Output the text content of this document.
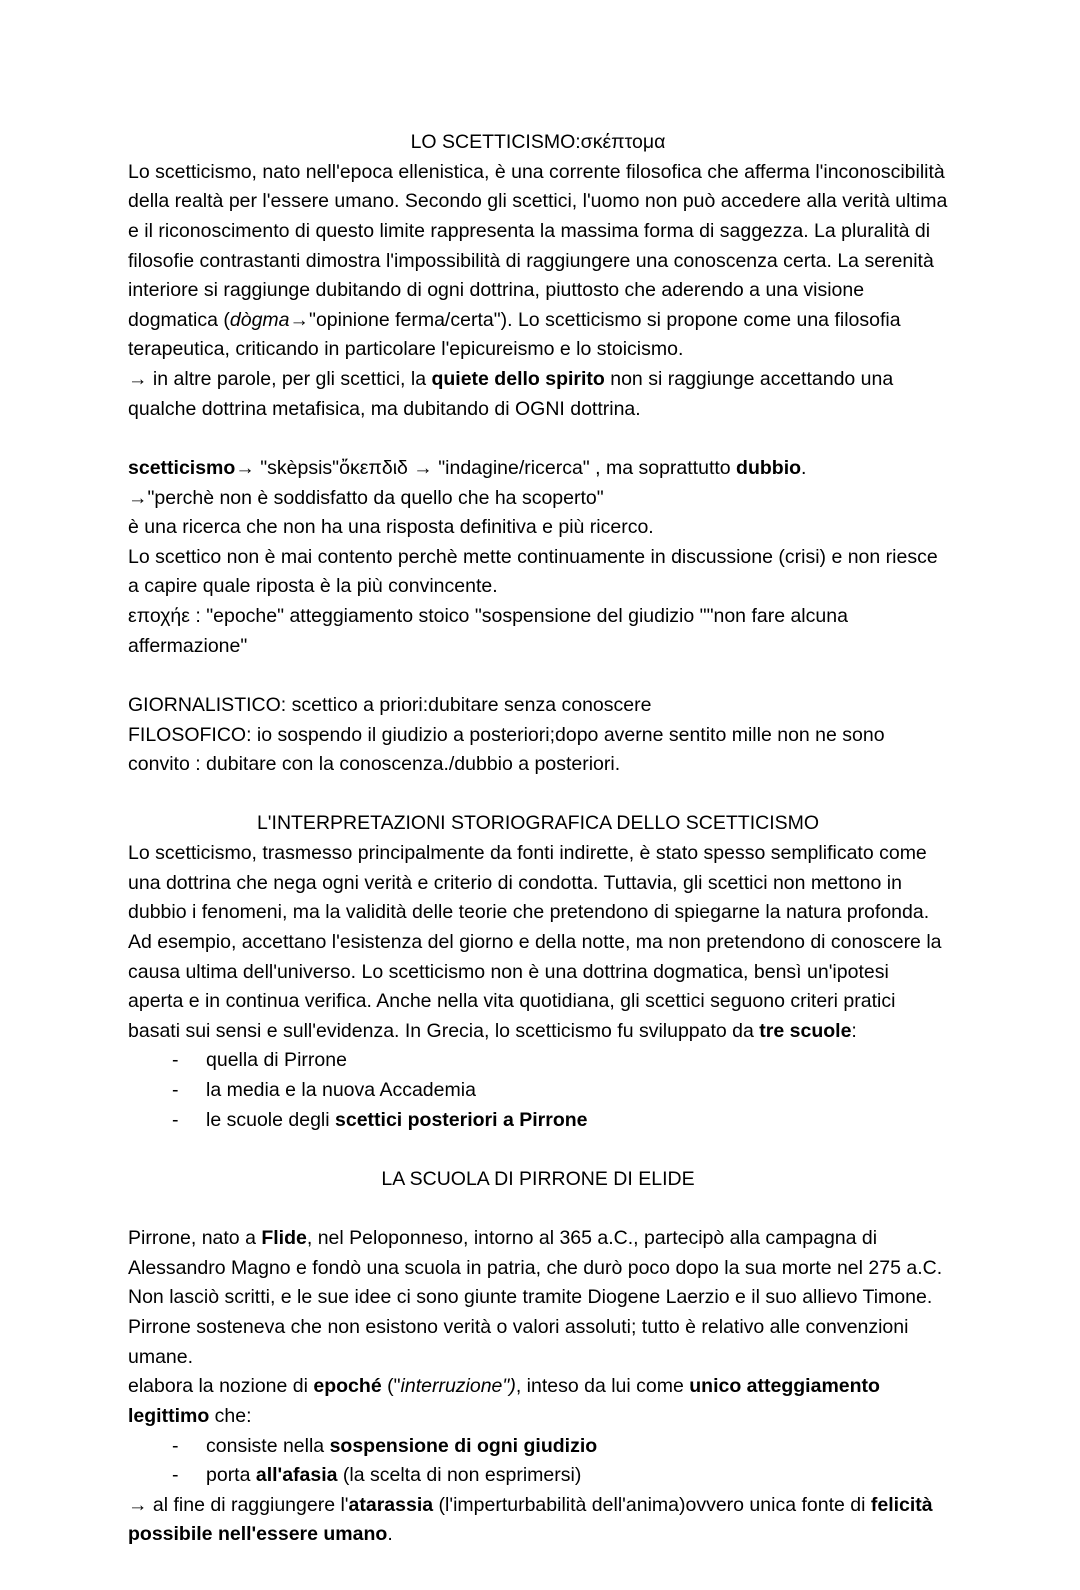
LO SCETTICISMO:σκέπτομα

Lo scetticismo, nato nell'epoca ellenistica, è una corrente filosofica che afferma l'inconoscibilità della realtà per l'essere umano. Secondo gli scettici, l'uomo non può accedere alla verità ultima e il riconoscimento di questo limite rappresenta la massima forma di saggezza. La pluralità di filosofie contrastanti dimostra l'impossibilità di raggiungere una conoscenza certa. La serenità interiore si raggiunge dubitando di ogni dottrina, piuttosto che aderendo a una visione dogmatica (dògma→"opinione ferma/certa"). Lo scetticismo si propone come una filosofia terapeutica, criticando in particolare l'epicureismo e lo stoicismo.

→ in altre parole, per gli scettici, la quiete dello spirito non si raggiunge accettando una qualche dottrina metafisica, ma dubitando di OGNI dottrina.

scetticismo→ "skèpsis"ὄκεπδιδ → "indagine/ricerca" , ma soprattutto dubbio.

→"perchè non è soddisfatto da quello che ha scoperto"

è una ricerca che non ha una risposta definitiva e più ricerco.

Lo scettico non è mai contento perchè mette continuamente in discussione (crisi) e non riesce a capire quale riposta è la più convincente.

εποχήε : "epoche" atteggiamento stoico "sospensione del giudizio ""non fare alcuna affermazione"

GIORNALISTICO: scettico a priori:dubitare senza conoscere

FILOSOFICO: io sospendo il giudizio a posteriori;dopo averne sentito mille non ne sono convito : dubitare con la conoscenza./dubbio a posteriori.

L'INTERPRETAZIONI STORIOGRAFICA DELLO SCETTICISMO

Lo scetticismo, trasmesso principalmente da fonti indirette, è stato spesso semplificato come una dottrina che nega ogni verità e criterio di condotta. Tuttavia, gli scettici non mettono in dubbio i fenomeni, ma la validità delle teorie che pretendono di spiegarne la natura profonda. Ad esempio, accettano l'esistenza del giorno e della notte, ma non pretendono di conoscere la causa ultima dell'universo. Lo scetticismo non è una dottrina dogmatica, bensì un'ipotesi aperta e in continua verifica. Anche nella vita quotidiana, gli scettici seguono criteri pratici basati sui sensi e sull'evidenza. In Grecia, lo scetticismo fu sviluppato da tre scuole:

-	quella di Pirrone
-	la media e la nuova Accademia
-	le scuole degli scettici posteriori a Pirrone

LA SCUOLA DI PIRRONE DI ELIDE

Pirrone, nato a Flide, nel Peloponneso, intorno al 365 a.C., partecipò alla campagna di Alessandro Magno e fondò una scuola in patria, che durò poco dopo la sua morte nel 275 a.C. Non lasciò scritti, e le sue idee ci sono giunte tramite Diogene Laerzio e il suo allievo Timone. Pirrone sosteneva che non esistono verità o valori assoluti; tutto è relativo alle convenzioni umane.

elabora la nozione di epoché ("interruzione"), inteso da lui come unico atteggiamento legittimo che:

-	consiste nella sospensione di ogni giudizio
-	porta all'afasia (la scelta di non esprimersi)

→ al fine di raggiungere l'atarassia (l'imperturbabilità dell'anima)ovvero unica fonte di felicità possibile nell'essere umano.
